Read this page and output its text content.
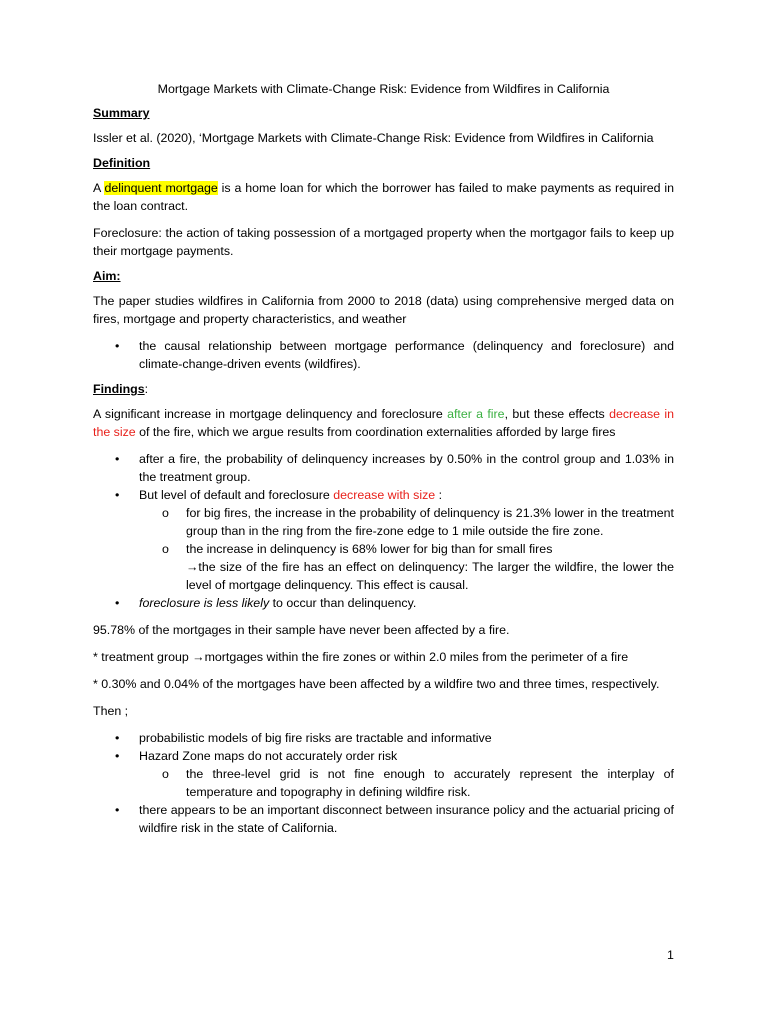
Mortgage Markets with Climate-Change Risk: Evidence from Wildfires in California

Summary

Issler et al. (2020), ‘Mortgage Markets with Climate-Change Risk: Evidence from Wildfires in California

Definition

A delinquent mortgage is a home loan for which the borrower has failed to make payments as required in the loan contract.

Foreclosure: the action of taking possession of a mortgaged property when the mortgagor fails to keep up their mortgage payments.

Aim:

The paper studies wildfires in California from 2000 to 2018 (data) using comprehensive merged data on fires, mortgage and property characteristics, and weather

• the causal relationship between mortgage performance (delinquency and foreclosure) and climate-change-driven events (wildfires).
Findings:

A significant increase in mortgage delinquency and foreclosure after a fire, but these effects decrease in the size of the fire, which we argue results from coordination externalities afforded by large fires

• after a fire, the probability of delinquency increases by 0.50% in the control group and 1.03% in the treatment group.
• But level of default and foreclosure decrease with size :
o for big fires, the increase in the probability of delinquency is 21.3% lower in the treatment group than in the ring from the fire-zone edge to 1 mile outside the fire zone.
o the increase in delinquency is 68% lower for big than for small fires
→the size of the fire has an effect on delinquency: The larger the wildfire, the lower the level of mortgage delinquency. This effect is causal.
• foreclosure is less likely to occur than delinquency.

95.78% of the mortgages in their sample have never been affected by a fire.

* treatment group →mortgages within the fire zones or within 2.0 miles from the perimeter of a fire

* 0.30% and 0.04% of the mortgages have been affected by a wildfire two and three times, respectively.

Then ;

• probabilistic models of big fire risks are tractable and informative
• Hazard Zone maps do not accurately order risk
o the three-level grid is not fine enough to accurately represent the interplay of temperature and topography in defining wildfire risk.
• there appears to be an important disconnect between insurance policy and the actuarial pricing of wildfire risk in the state of California.
1
